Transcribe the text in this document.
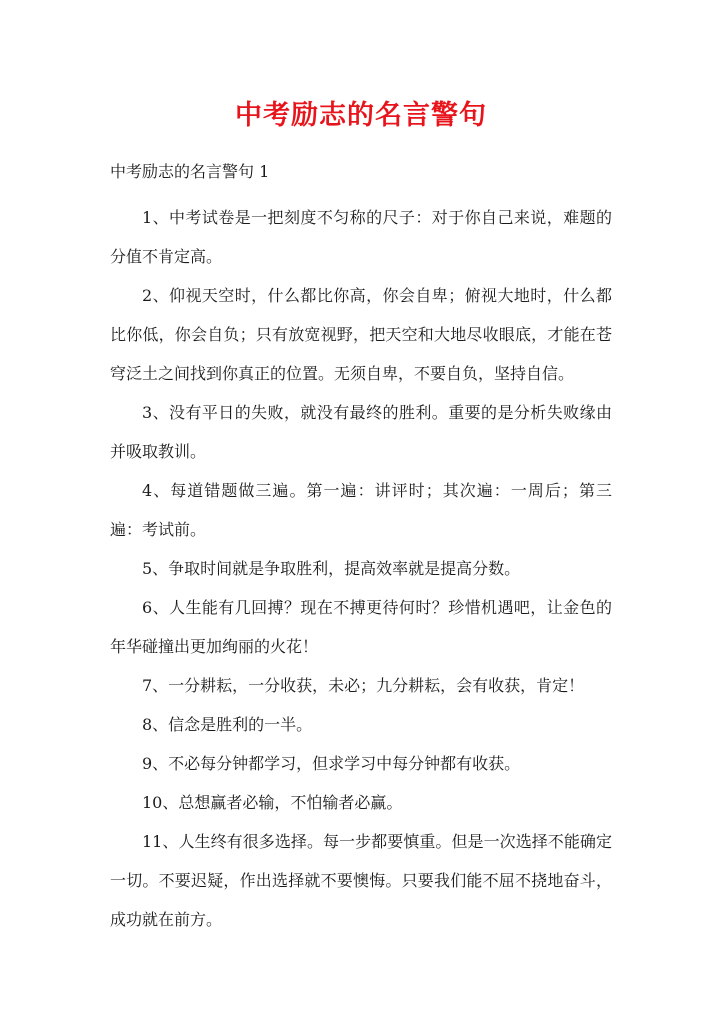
中考励志的名言警句

中考励志的名言警句 1

1、中考试卷是一把刻度不匀称的尺子：对于你自己来说，难题的分值不肯定高。
2、仰视天空时，什么都比你高，你会自卑；俯视大地时，什么都比你低，你会自负；只有放宽视野，把天空和大地尽收眼底，才能在苍穹泛土之间找到你真正的位置。无须自卑，不要自负，坚持自信。
3、没有平日的失败，就没有最终的胜利。重要的是分析失败缘由并吸取教训。
4、每道错题做三遍。第一遍：讲评时；其次遍：一周后；第三遍：考试前。
5、争取时间就是争取胜利，提高效率就是提高分数。
6、人生能有几回搏？现在不搏更待何时？珍惜机遇吧，让金色的年华碰撞出更加绚丽的火花！
7、一分耕耘，一分收获，未必；九分耕耘，会有收获，肯定！
8、信念是胜利的一半。
9、不必每分钟都学习，但求学习中每分钟都有收获。
10、总想赢者必输，不怕输者必赢。
11、人生终有很多选择。每一步都要慎重。但是一次选择不能确定一切。不要迟疑，作出选择就不要懊悔。只要我们能不屈不挠地奋斗，成功就在前方。
